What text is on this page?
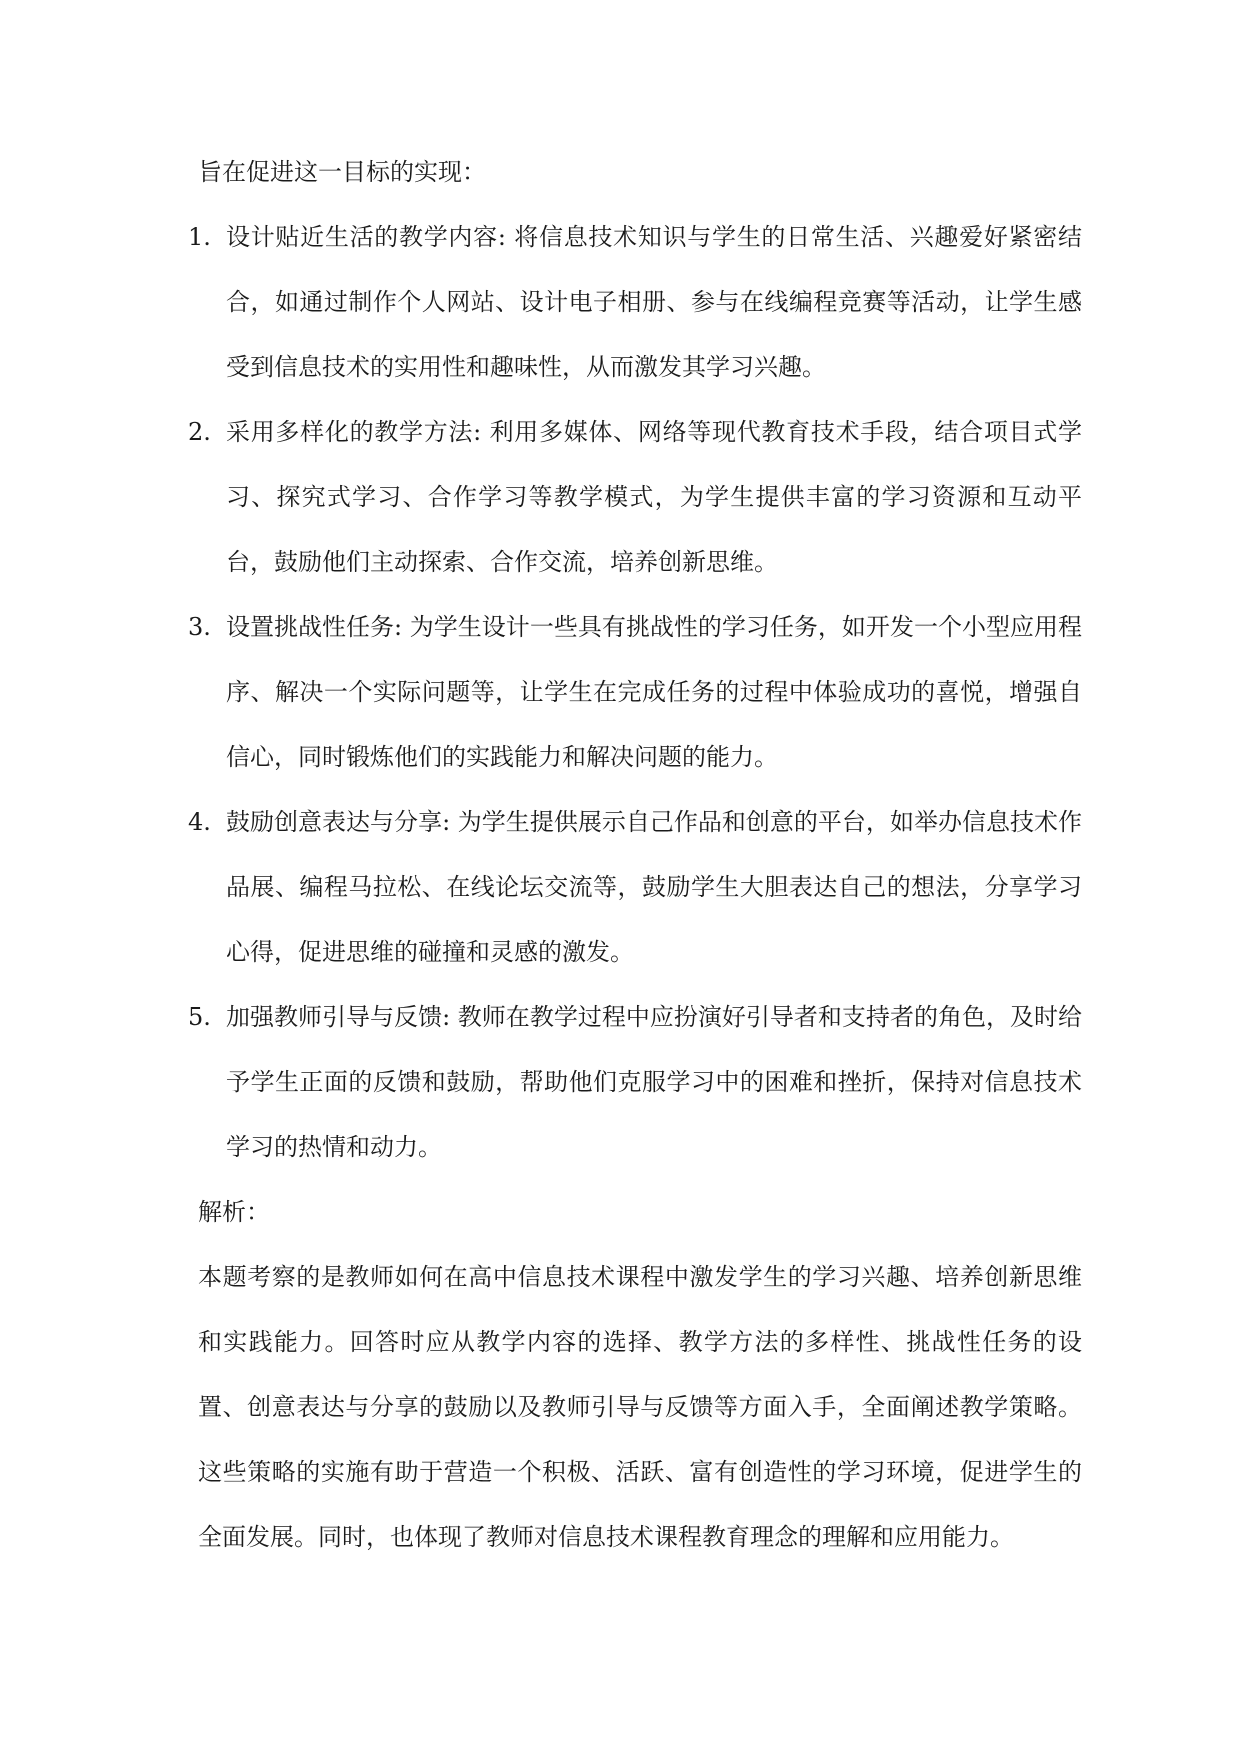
旨在促进这一目标的实现：

1. 设计贴近生活的教学内容: 将信息技术知识与学生的日常生活、兴趣爱好紧密结合，如通过制作个人网站、设计电子相册、参与在线编程竞赛等活动，让学生感受到信息技术的实用性和趣味性，从而激发其学习兴趣。
2. 采用多样化的教学方法: 利用多媒体、网络等现代教育技术手段，结合项目式学习、探究式学习、合作学习等教学模式，为学生提供丰富的学习资源和互动平台，鼓励他们主动探索、合作交流，培养创新思维。
3. 设置挑战性任务: 为学生设计一些具有挑战性的学习任务，如开发一个小型应用程序、解决一个实际问题等，让学生在完成任务的过程中体验成功的喜悦，增强自信心，同时锻炼他们的实践能力和解决问题的能力。
4. 鼓励创意表达与分享: 为学生提供展示自己作品和创意的平台，如举办信息技术作品展、编程马拉松、在线论坛交流等，鼓励学生大胆表达自己的想法，分享学习心得，促进思维的碰撞和灵感的激发。
5. 加强教师引导与反馈: 教师在教学过程中应扮演好引导者和支持者的角色，及时给予学生正面的反馈和鼓励，帮助他们克服学习中的困难和挫折，保持对信息技术学习的热情和动力。

解析：

本题考察的是教师如何在高中信息技术课程中激发学生的学习兴趣、培养创新思维和实践能力。回答时应从教学内容的选择、教学方法的多样性、挑战性任务的设置、创意表达与分享的鼓励以及教师引导与反馈等方面入手，全面阐述教学策略。这些策略的实施有助于营造一个积极、活跃、富有创造性的学习环境，促进学生的全面发展。同时，也体现了教师对信息技术课程教育理念的理解和应用能力。
